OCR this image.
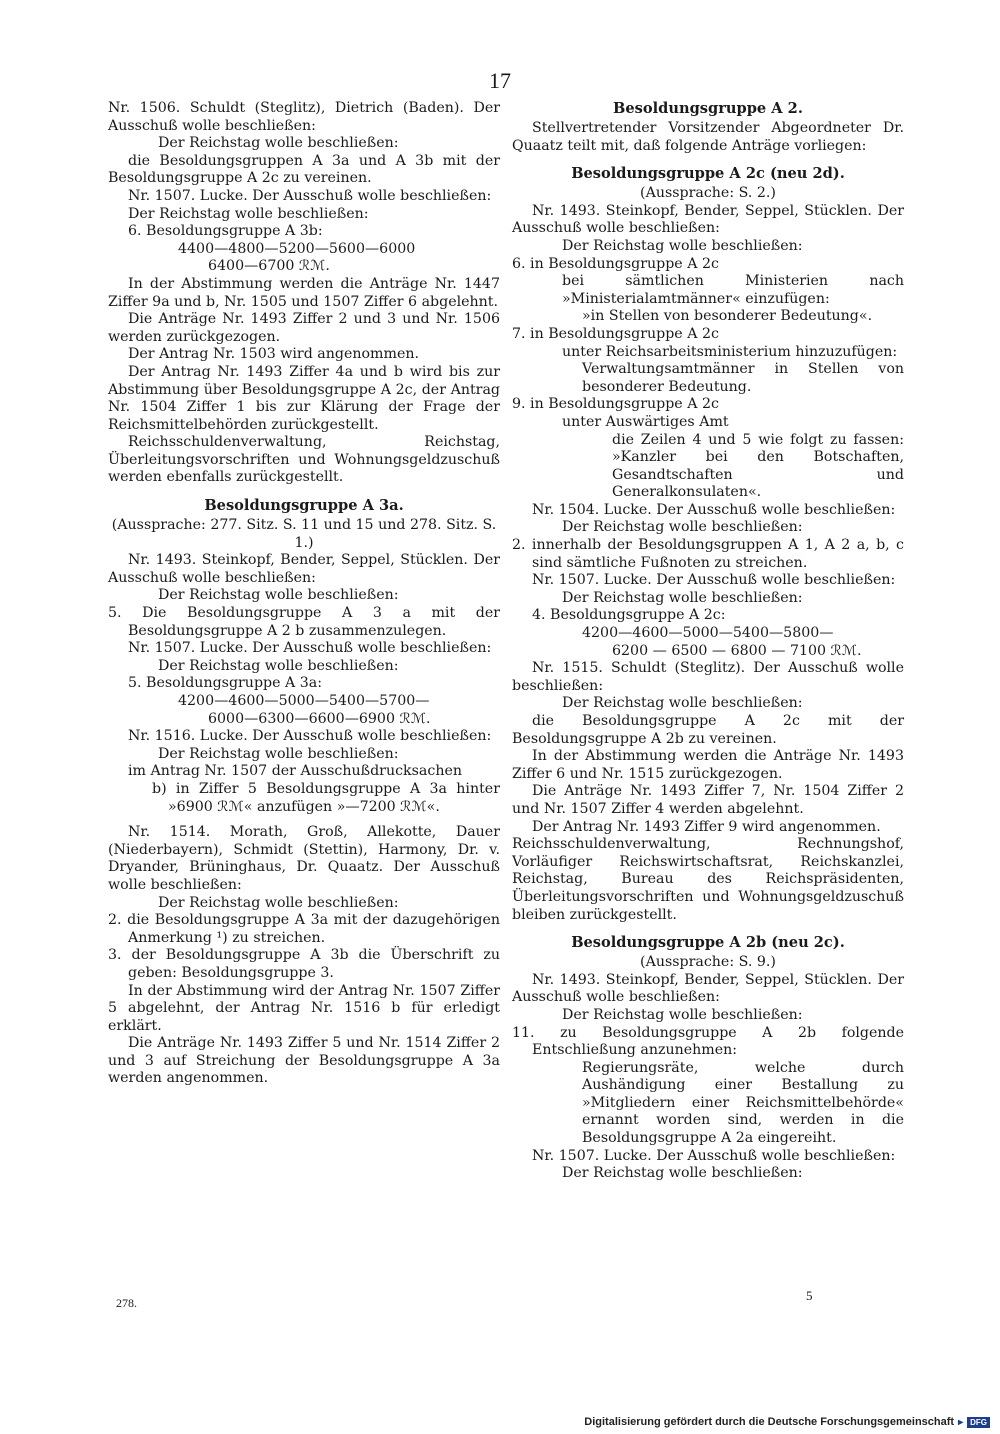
17

Nr. 1506. Schuldt (Steglitz), Dietrich (Baden). Der Ausschuß wolle beschließen:

Der Reichstag wolle beschließen:

die Besoldungsgruppen A 3a und A 3b mit der Besoldungsgruppe A 2c zu vereinen.

Nr. 1507. Lucke. Der Ausschuß wolle beschließen:

Der Reichstag wolle beschließen:

6. Besoldungsgruppe A 3b:

4400—4800—5200—5600—6000

6400—6700 ℛℳ.

In der Abstimmung werden die Anträge Nr. 1447 Ziffer 9a und b, Nr. 1505 und 1507 Ziffer 6 abgelehnt.

Die Anträge Nr. 1493 Ziffer 2 und 3 und Nr. 1506 werden zurückgezogen.

Der Antrag Nr. 1503 wird angenommen.

Der Antrag Nr. 1493 Ziffer 4a und b wird bis zur Abstimmung über Besoldungsgruppe A 2c, der Antrag Nr. 1504 Ziffer 1 bis zur Klärung der Frage der Reichsmittelbehörden zurückgestellt.

Reichsschuldenverwaltung, Reichstag, Überleitungsvorschriften und Wohnungsgeldzuschuß werden ebenfalls zurückgestellt.

Besoldungsgruppe A 3a.

(Aussprache: 277. Sitz. S. 11 und 15 und 278. Sitz. S. 1.)

Nr. 1493. Steinkopf, Bender, Seppel, Stücklen. Der Ausschuß wolle beschließen:

Der Reichstag wolle beschließen:

5. Die Besoldungsgruppe A 3 a mit der Besoldungsgruppe A 2 b zusammenzulegen.

Nr. 1507. Lucke. Der Ausschuß wolle beschließen:

Der Reichstag wolle beschließen:

5. Besoldungsgruppe A 3a:

4200—4600—5000—5400—5700—

6000—6300—6600—6900 ℛℳ.

Nr. 1516. Lucke. Der Ausschuß wolle beschließen:

Der Reichstag wolle beschließen:

im Antrag Nr. 1507 der Ausschußdrucksachen

b) in Ziffer 5 Besoldungsgruppe A 3a hinter »6900 ℛℳ« anzufügen »—7200 ℛℳ«.

Nr. 1514. Morath, Groß, Allekotte, Dauer (Niederbayern), Schmidt (Stettin), Harmony, Dr. v. Dryander, Brüninghaus, Dr. Quaatz. Der Ausschuß wolle beschließen:

Der Reichstag wolle beschließen:

2. die Besoldungsgruppe A 3a mit der dazugehörigen Anmerkung ¹) zu streichen.

3. der Besoldungsgruppe A 3b die Überschrift zu geben: Besoldungsgruppe 3.

In der Abstimmung wird der Antrag Nr. 1507 Ziffer 5 abgelehnt, der Antrag Nr. 1516 b für erledigt erklärt.

Die Anträge Nr. 1493 Ziffer 5 und Nr. 1514 Ziffer 2 und 3 auf Streichung der Besoldungsgruppe A 3a werden angenommen.

Besoldungsgruppe A 2.

Stellvertretender Vorsitzender Abgeordneter Dr. Quaatz teilt mit, daß folgende Anträge vorliegen:

Besoldungsgruppe A 2c (neu 2d).

(Aussprache: S. 2.)

Nr. 1493. Steinkopf, Bender, Seppel, Stücklen. Der Ausschuß wolle beschließen:

Der Reichstag wolle beschließen:

6. in Besoldungsgruppe A 2c

bei sämtlichen Ministerien nach »Ministerialamtmänner« einzufügen:

»in Stellen von besonderer Bedeutung«.

7. in Besoldungsgruppe A 2c

unter Reichsarbeitsministerium hinzuzufügen:

Verwaltungsamtmänner in Stellen von besonderer Bedeutung.

9. in Besoldungsgruppe A 2c

unter Auswärtiges Amt

die Zeilen 4 und 5 wie folgt zu fassen: »Kanzler bei den Botschaften, Gesandtschaften und Generalkonsulaten«.

Nr. 1504. Lucke. Der Ausschuß wolle beschließen:

Der Reichstag wolle beschließen:

2. innerhalb der Besoldungsgruppen A 1, A 2 a, b, c sind sämtliche Fußnoten zu streichen.

Nr. 1507. Lucke. Der Ausschuß wolle beschließen:

Der Reichstag wolle beschließen:

4. Besoldungsgruppe A 2c:

4200—4600—5000—5400—5800—

6200 — 6500 — 6800 — 7100 ℛℳ.

Nr. 1515. Schuldt (Steglitz). Der Ausschuß wolle beschließen:

Der Reichstag wolle beschließen:

die Besoldungsgruppe A 2c mit der Besoldungsgruppe A 2b zu vereinen.

In der Abstimmung werden die Anträge Nr. 1493 Ziffer 6 und Nr. 1515 zurückgezogen.

Die Anträge Nr. 1493 Ziffer 7, Nr. 1504 Ziffer 2 und Nr. 1507 Ziffer 4 werden abgelehnt.

Der Antrag Nr. 1493 Ziffer 9 wird angenommen.

Reichsschuldenverwaltung, Rechnungshof, Vorläufiger Reichswirtschaftsrat, Reichskanzlei, Reichstag, Bureau des Reichspräsidenten, Überleitungsvorschriften und Wohnungsgeldzuschuß bleiben zurückgestellt.

Besoldungsgruppe A 2b (neu 2c).

(Aussprache: S. 9.)

Nr. 1493. Steinkopf, Bender, Seppel, Stücklen. Der Ausschuß wolle beschließen:

Der Reichstag wolle beschließen:

11. zu Besoldungsgruppe A 2b folgende Entschließung anzunehmen:

Regierungsräte, welche durch Aushändigung einer Bestallung zu »Mitgliedern einer Reichsmittelbehörde« ernannt worden sind, werden in die Besoldungsgruppe A 2a eingereiht.

Nr. 1507. Lucke. Der Ausschuß wolle beschließen:

Der Reichstag wolle beschließen:

278.	5
Digitalisierung gefördert durch die Deutsche Forschungsgemeinschaft ▸ DFG
